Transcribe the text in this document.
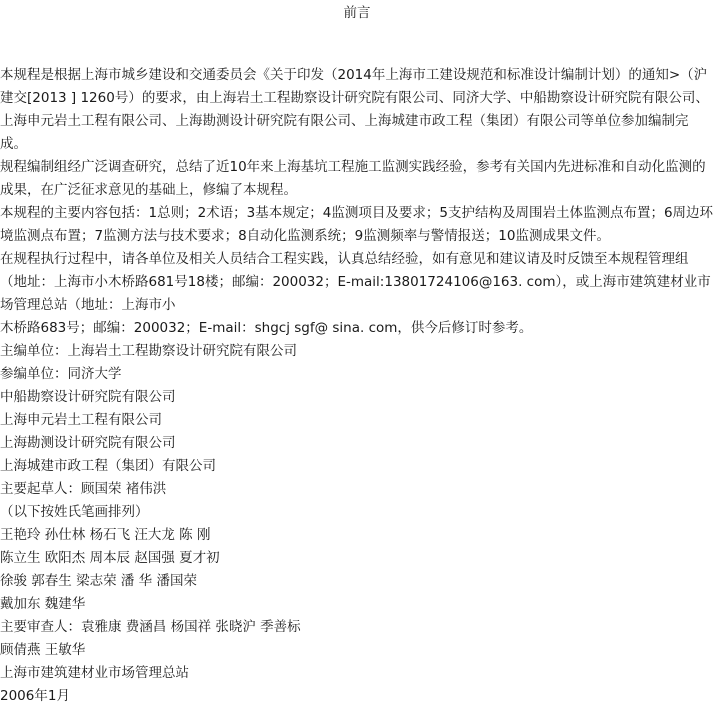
前言

本规程是根据上海市城乡建设和交通委员会《关于印发（2014年上海市工建设规范和标准设计编制计划）的通知>（沪建交[2013 ] 1260号）的要求，由上海岩土工程勘察设计研究院有限公司、同济大学、中船勘察设计研究院有限公司、上海申元岩土工程有限公司、上海勘测设计研究院有限公司、上海城建市政工程（集团）有限公司等单位参加编制完成。

规程编制组经广泛调查研究，总结了近10年来上海基坑工程施工监测实践经验，参考有关国内先进标准和自动化监测的成果，在广泛征求意见的基础上，修编了本规程。

本规程的主要内容包括：1总则；2术语；3基本规定；4监测项目及要求；5支护结构及周围岩土体监测点布置；6周边环境监测点布置；7监测方法与技术要求；8自动化监测系统；9监测频率与警情报送；10监测成果文件。

在规程执行过程中，请各单位及相关人员结合工程实践，认真总结经验，如有意见和建议请及时反馈至本规程管理组（地址：上海市小木桥路681号18楼；邮编：200032；E-mail:13801724106@163. com），或上海市建筑建材业市场管理总站（地址：上海市小

木桥路683号；邮编：200032；E-mail：shgcj sgf@ sina. com，供今后修订时参考。

主编单位：上海岩土工程勘察设计研究院有限公司

参编单位：同济大学

中船勘察设计研究院有限公司

上海申元岩土工程有限公司

上海勘测设计研究院有限公司

上海城建市政工程（集团）有限公司

主要起草人：顾国荣 褚伟洪

（以下按姓氏笔画排列）

王艳玲 孙仕林 杨石飞 汪大龙 陈 刚

陈立生 欧阳杰 周本辰 赵国强 夏才初

徐骏 郭春生 梁志荣 潘 华 潘国荣

戴加东 魏建华

主要审查人：袁雅康 费涵昌 杨国祥 张晓沪 季善标

顾倩燕 王敏华

上海市建筑建材业市场管理总站

2006年1月
